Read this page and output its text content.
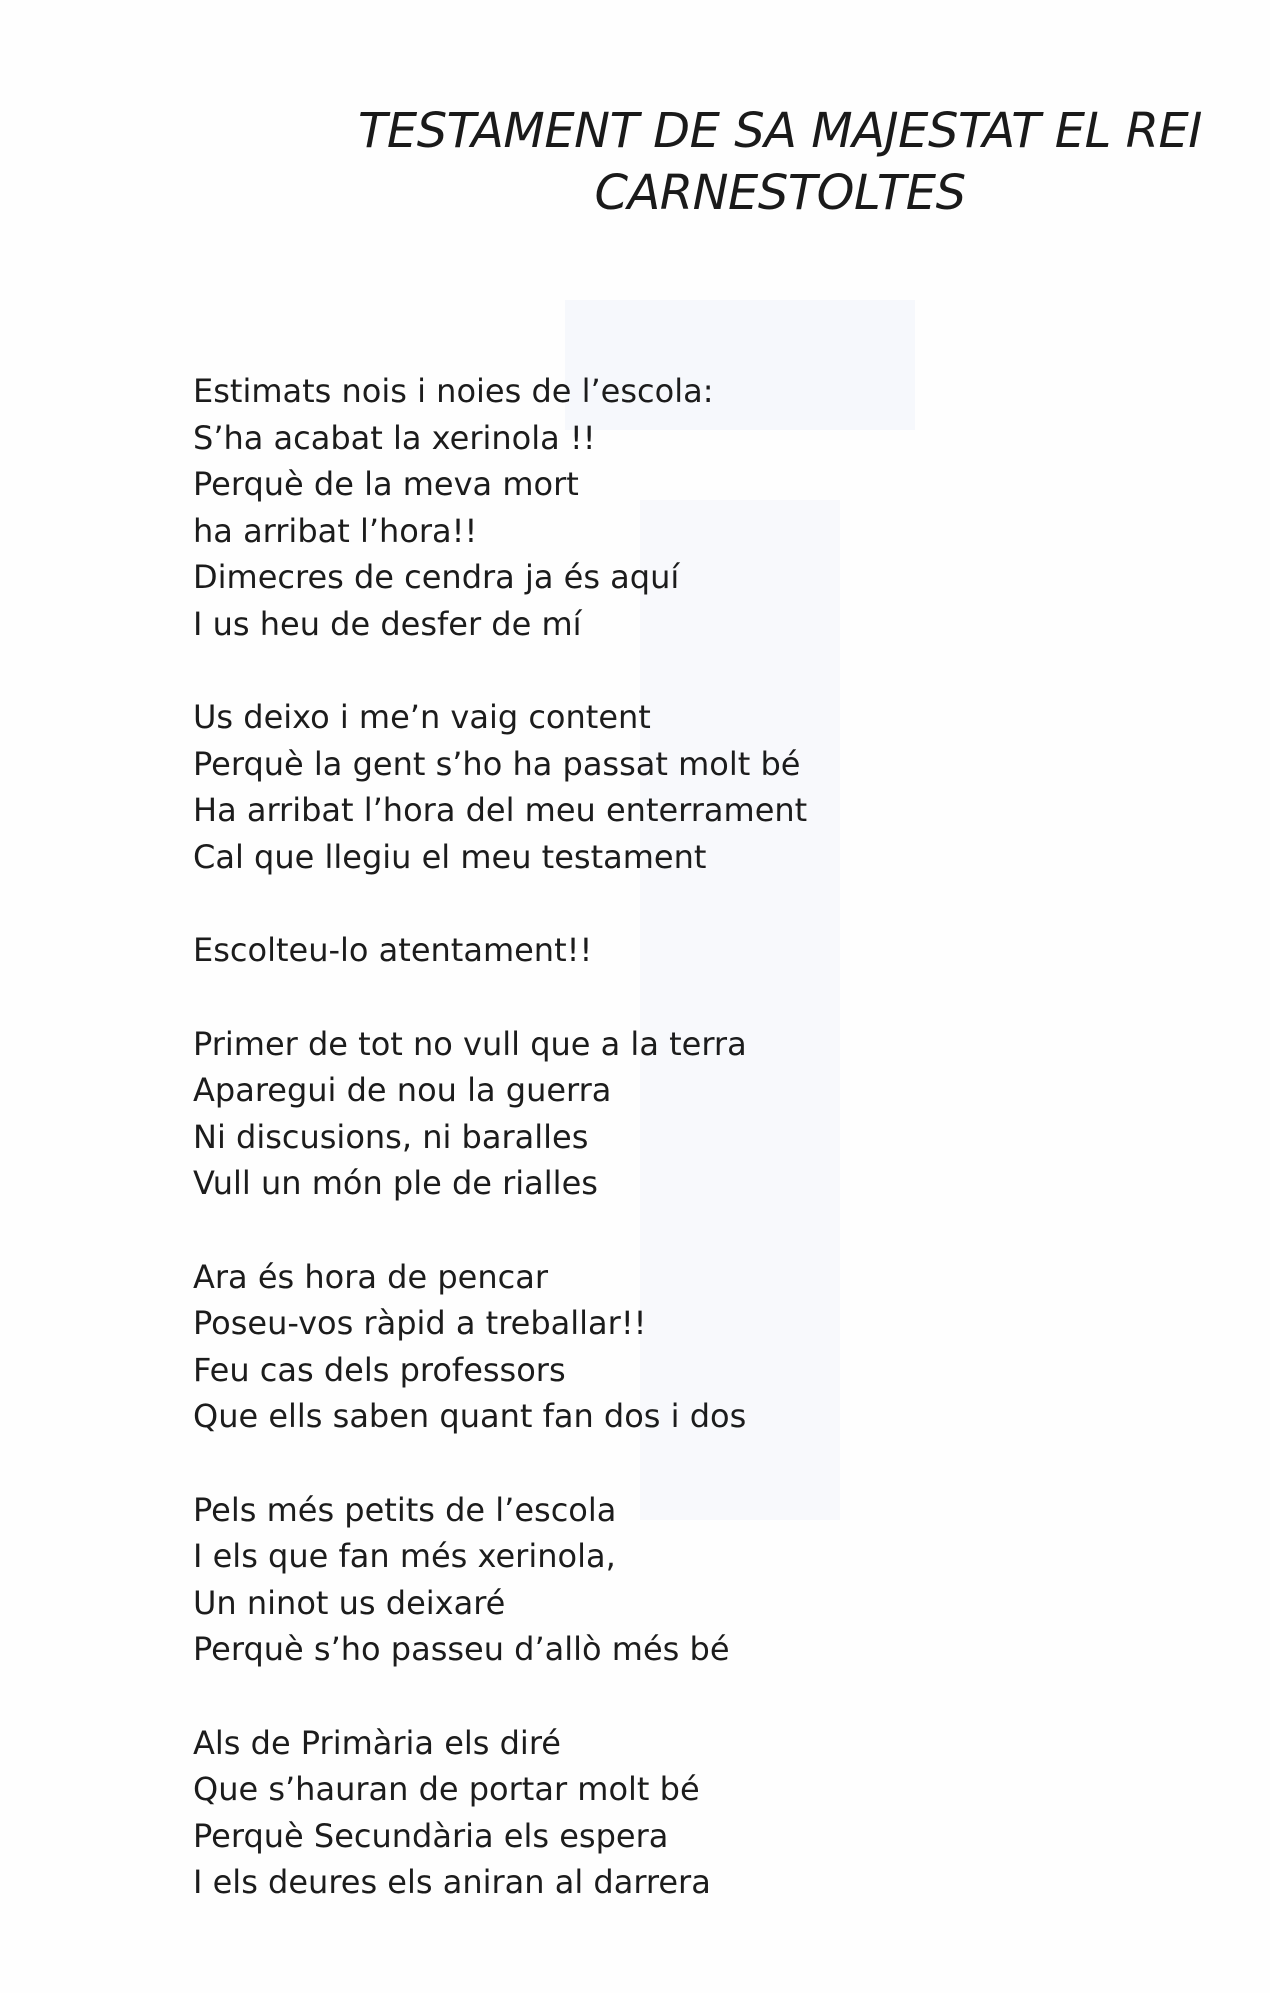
TESTAMENT DE SA MAJESTAT EL REI
CARNESTOLTES
Estimats nois i noies de l’escola:
S’ha acabat la xerinola !!
Perquè de la meva mort
ha arribat l’hora!!
Dimecres de cendra ja és aquí
I us heu de desfer de mí
Us deixo i me’n vaig content
Perquè la gent s’ho ha passat molt bé
Ha arribat l’hora del meu enterrament
Cal que llegiu el meu testament
Escolteu-lo atentament!!
Primer de tot no vull que a la terra
Aparegui de nou la guerra
Ni discusions, ni baralles
Vull un món ple de rialles
Ara és hora de pencar
Poseu-vos ràpid a treballar!!
Feu cas dels professors
Que ells saben quant fan dos i dos
Pels més petits de l’escola
I els que fan més xerinola,
Un ninot us deixaré
Perquè s’ho passeu d’allò més bé
Als de Primària els diré
Que s’hauran de portar molt bé
Perquè Secundària els espera
I els deures els aniran al darrera
